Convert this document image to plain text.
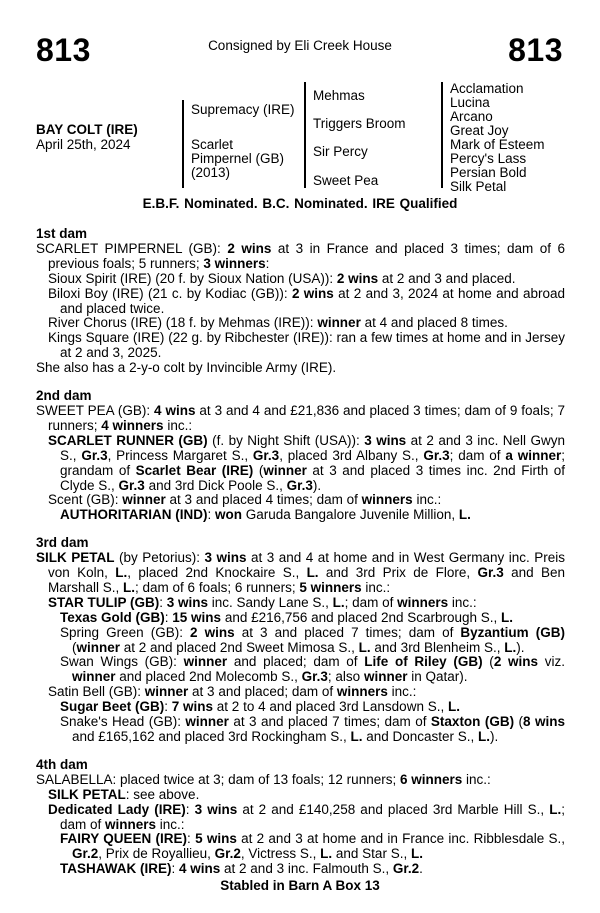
813	Consigned by Eli Creek House	813
BAY COLT (IRE)
April 25th, 2024
Supremacy (IRE)
Scarlet
Pimpernel (GB)
(2013)
Mehmas
Triggers Broom
Sir Percy
Sweet Pea
Acclamation
Lucina
Arcano
Great Joy
Mark of Esteem
Percy's Lass
Persian Bold
Silk Petal
E.B.F. Nominated. B.C. Nominated. IRE Qualified
1st dam
SCARLET PIMPERNEL (GB): 2 wins at 3 in France and placed 3 times; dam of 6 previous foals; 5 runners; 3 winners:
Sioux Spirit (IRE) (20 f. by Sioux Nation (USA)): 2 wins at 2 and 3 and placed.
Biloxi Boy (IRE) (21 c. by Kodiac (GB)): 2 wins at 2 and 3, 2024 at home and abroad and placed twice.
River Chorus (IRE) (18 f. by Mehmas (IRE)): winner at 4 and placed 8 times.
Kings Square (IRE) (22 g. by Ribchester (IRE)): ran a few times at home and in Jersey at 2 and 3, 2025.
She also has a 2-y-o colt by Invincible Army (IRE).
2nd dam
SWEET PEA (GB): 4 wins at 3 and 4 and £21,836 and placed 3 times; dam of 9 foals; 7 runners; 4 winners inc.:
SCARLET RUNNER (GB) (f. by Night Shift (USA)): 3 wins at 2 and 3 inc. Nell Gwyn S., Gr.3, Princess Margaret S., Gr.3, placed 3rd Albany S., Gr.3; dam of a winner; grandam of Scarlet Bear (IRE) (winner at 3 and placed 3 times inc. 2nd Firth of Clyde S., Gr.3 and 3rd Dick Poole S., Gr.3).
Scent (GB): winner at 3 and placed 4 times; dam of winners inc.:
AUTHORITARIAN (IND): won Garuda Bangalore Juvenile Million, L.
3rd dam
SILK PETAL (by Petorius): 3 wins at 3 and 4 at home and in West Germany inc. Preis von Koln, L., placed 2nd Knockaire S., L. and 3rd Prix de Flore, Gr.3 and Ben Marshall S., L.; dam of 6 foals; 6 runners; 5 winners inc.:
STAR TULIP (GB): 3 wins inc. Sandy Lane S., L.; dam of winners inc.:
Texas Gold (GB): 15 wins and £216,756 and placed 2nd Scarbrough S., L.
Spring Green (GB): 2 wins at 3 and placed 7 times; dam of Byzantium (GB) (winner at 2 and placed 2nd Sweet Mimosa S., L. and 3rd Blenheim S., L.).
Swan Wings (GB): winner and placed; dam of Life of Riley (GB) (2 wins viz. winner and placed 2nd Molecomb S., Gr.3; also winner in Qatar).
Satin Bell (GB): winner at 3 and placed; dam of winners inc.:
Sugar Beet (GB): 7 wins at 2 to 4 and placed 3rd Lansdown S., L.
Snake's Head (GB): winner at 3 and placed 7 times; dam of Staxton (GB) (8 wins and £165,162 and placed 3rd Rockingham S., L. and Doncaster S., L.).
4th dam
SALABELLA: placed twice at 3; dam of 13 foals; 12 runners; 6 winners inc.:
SILK PETAL: see above.
Dedicated Lady (IRE): 3 wins at 2 and £140,258 and placed 3rd Marble Hill S., L.; dam of winners inc.:
FAIRY QUEEN (IRE): 5 wins at 2 and 3 at home and in France inc. Ribblesdale S., Gr.2, Prix de Royallieu, Gr.2, Victress S., L. and Star S., L.
TASHAWAK (IRE): 4 wins at 2 and 3 inc. Falmouth S., Gr.2.
Stabled in Barn A Box 13
